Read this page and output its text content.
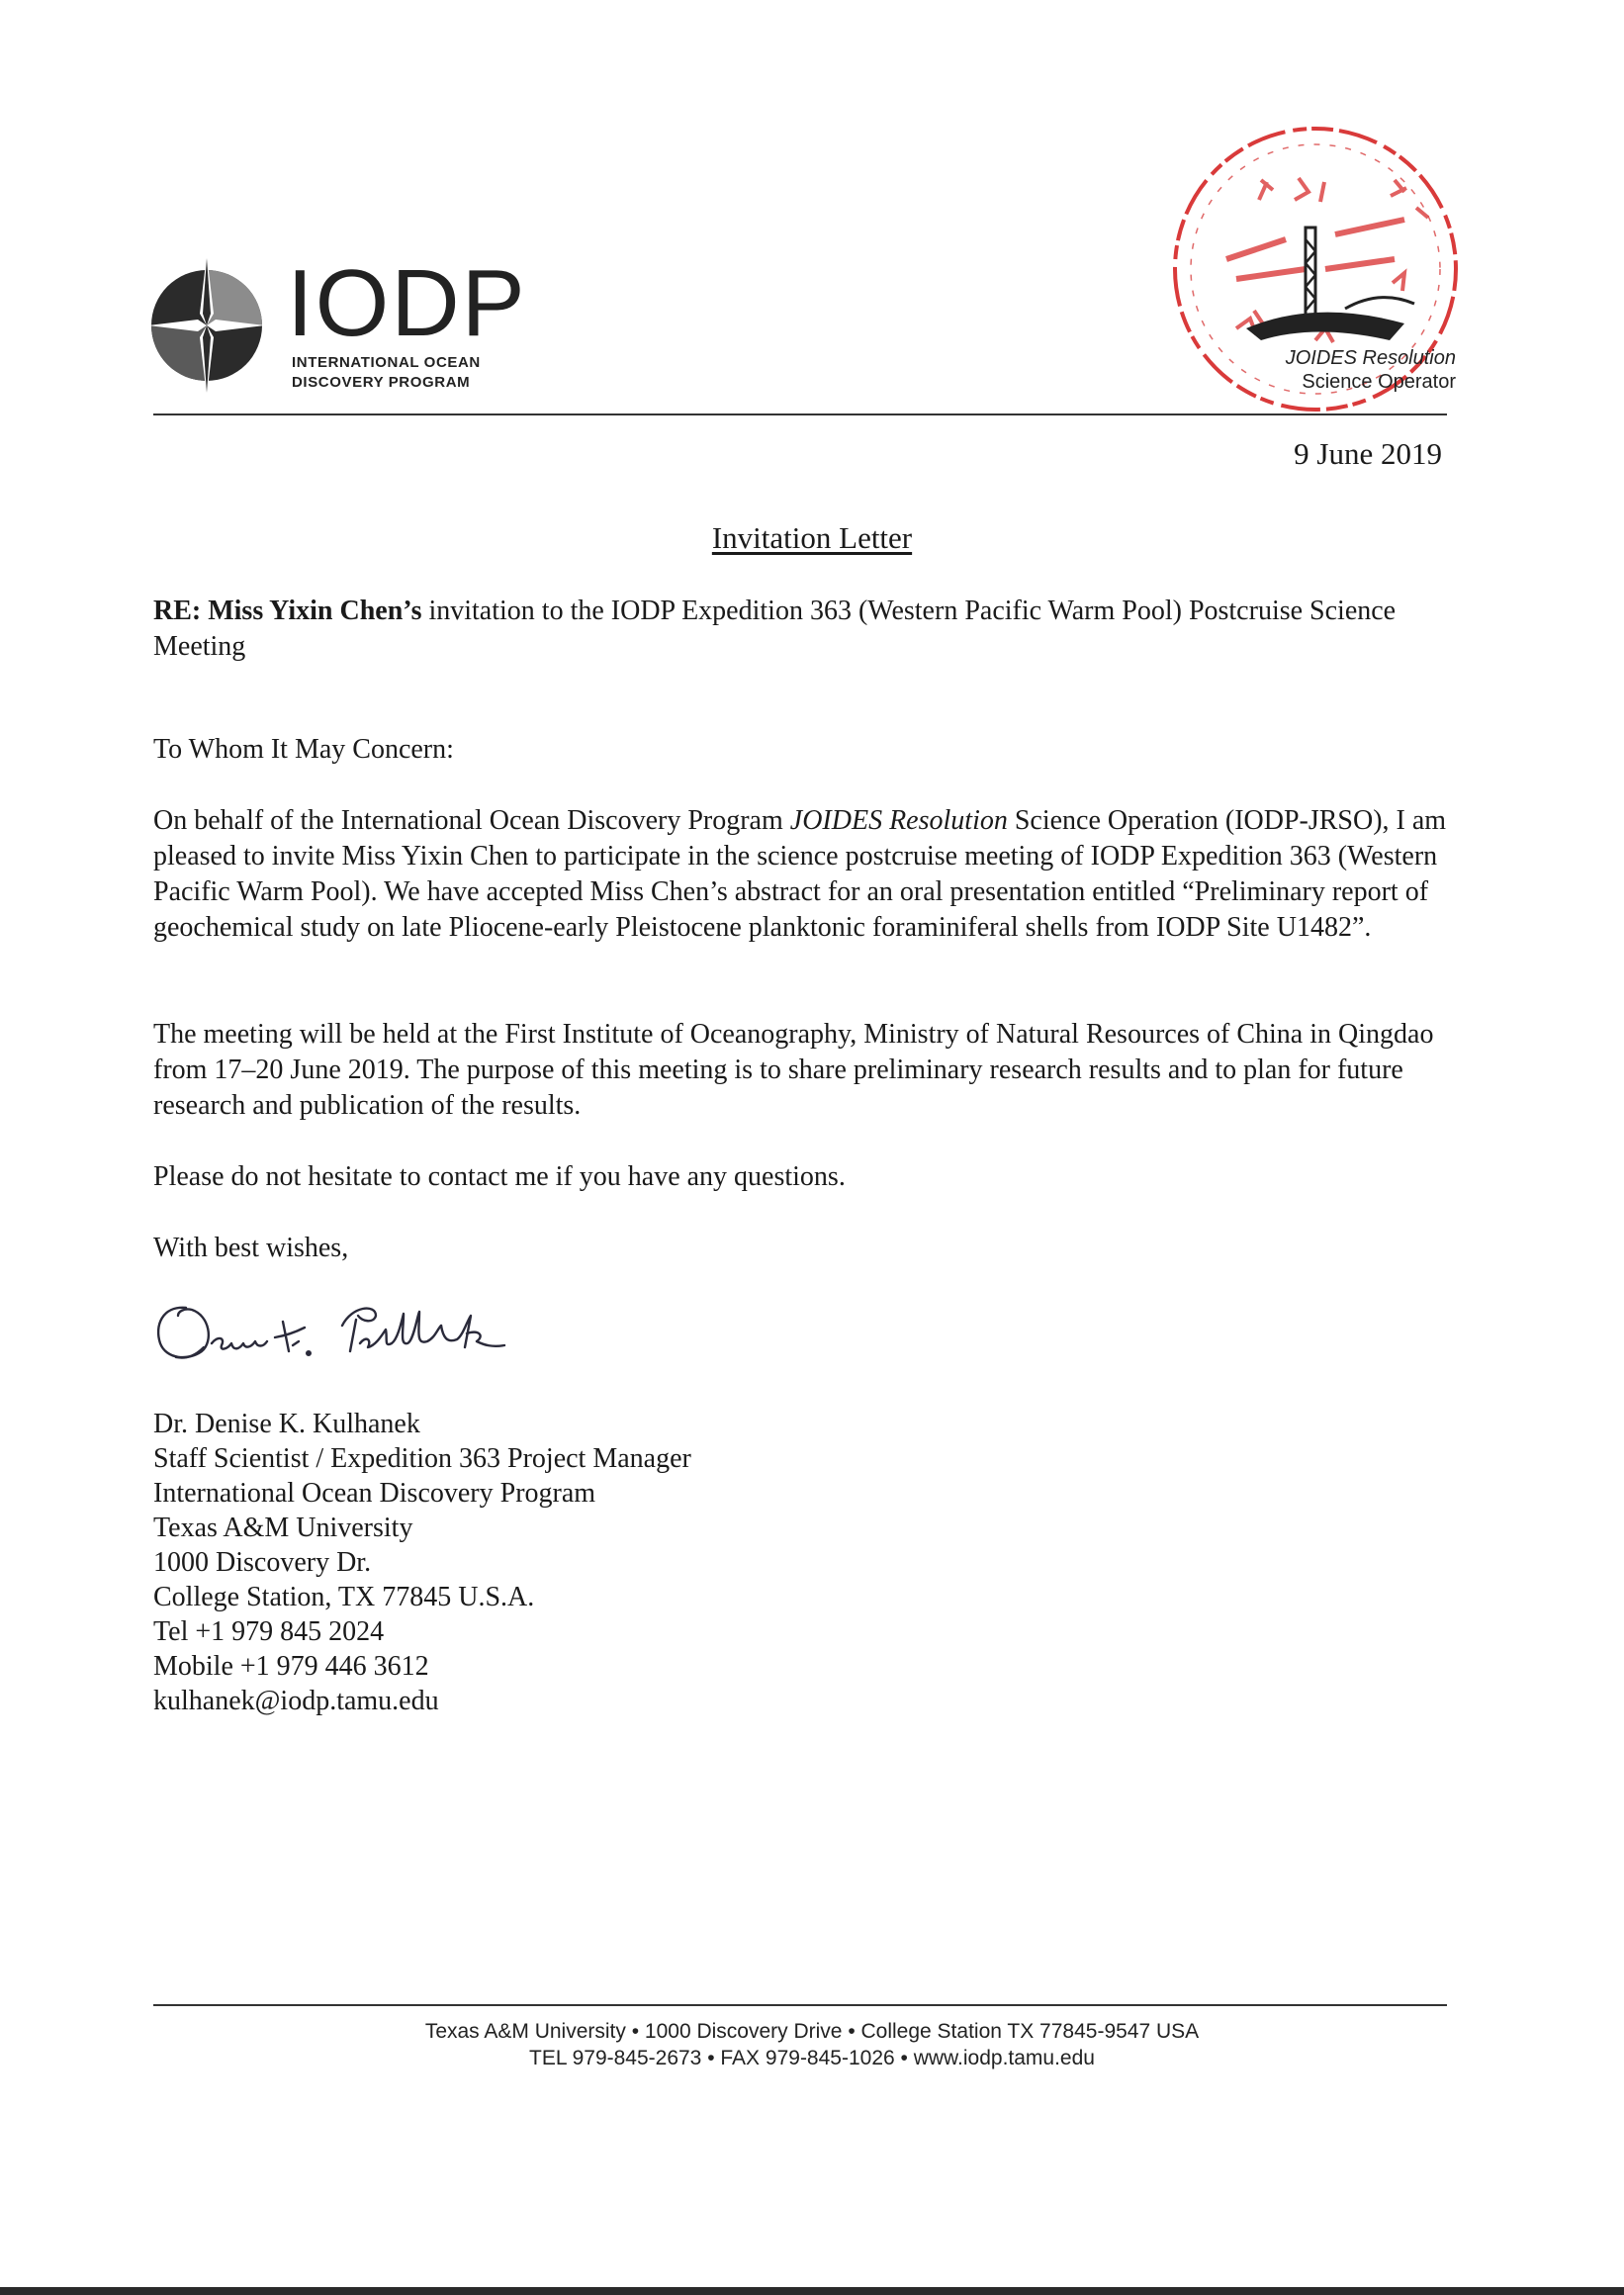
IODP
INTERNATIONAL OCEAN
DISCOVERY PROGRAM
JOIDES Resolution
Science Operator
9 June 2019
Invitation Letter

RE: Miss Yixin Chen’s invitation to the IODP Expedition 363 (Western Pacific Warm Pool) Postcruise Science Meeting

To Whom It May Concern:

On behalf of the International Ocean Discovery Program JOIDES Resolution Science Operation (IODP-JRSO), I am pleased to invite Miss Yixin Chen to participate in the science postcruise meeting of IODP Expedition 363 (Western Pacific Warm Pool). We have accepted Miss Chen’s abstract for an oral presentation entitled “Preliminary report of geochemical study on late Pliocene-early Pleistocene planktonic foraminiferal shells from IODP Site U1482”.

The meeting will be held at the First Institute of Oceanography, Ministry of Natural Resources of China in Qingdao from 17–20 June 2019. The purpose of this meeting is to share preliminary research results and to plan for future research and publication of the results.

Please do not hesitate to contact me if you have any questions.

With best wishes,

Dr. Denise K. Kulhanek
Staff Scientist / Expedition 363 Project Manager
International Ocean Discovery Program
Texas A&M University
1000 Discovery Dr.
College Station, TX 77845 U.S.A.
Tel +1 979 845 2024
Mobile +1 979 446 3612
kulhanek@iodp.tamu.edu
Texas A&M University • 1000 Discovery Drive • College Station TX 77845-9547 USA
TEL 979-845-2673 • FAX 979-845-1026 • www.iodp.tamu.edu
